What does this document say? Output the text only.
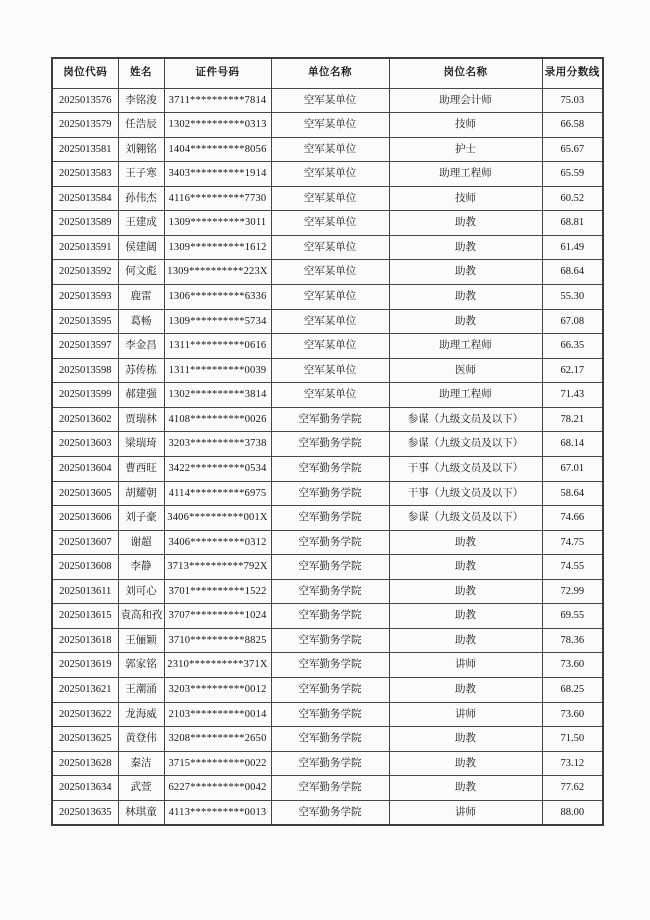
岗位代码	姓名	证件号码	单位名称	岗位名称	录用分数线
2025013576	李铭浚	3711**********7814	空军某单位	助理会计师	75.03
2025013579	任浩辰	1302**********0313	空军某单位	技师	66.58
2025013581	刘翱铭	1404**********8056	空军某单位	护士	65.67
2025013583	王子寒	3403**********1914	空军某单位	助理工程师	65.59
2025013584	孙伟杰	4116**********7730	空军某单位	技师	60.52
2025013589	王建成	1309**********3011	空军某单位	助教	68.81
2025013591	侯建阔	1309**********1612	空军某单位	助教	61.49
2025013592	何文彪	1309**********223X	空军某单位	助教	68.64
2025013593	鹿雷	1306**********6336	空军某单位	助教	55.30
2025013595	葛畅	1309**********5734	空军某单位	助教	67.08
2025013597	李金昌	1311**********0616	空军某单位	助理工程师	66.35
2025013598	苏传栋	1311**********0039	空军某单位	医师	62.17
2025013599	郝建强	1302**********3814	空军某单位	助理工程师	71.43
2025013602	贾瑞林	4108**********0026	空军勤务学院	参谋（九级文员及以下）	78.21
2025013603	梁瑞琦	3203**********3738	空军勤务学院	参谋（九级文员及以下）	68.14
2025013604	曹西旺	3422**********0534	空军勤务学院	干事（九级文员及以下）	67.01
2025013605	胡耀朝	4114**********6975	空军勤务学院	干事（九级文员及以下）	58.64
2025013606	刘子豪	3406**********001X	空军勤务学院	参谋（九级文员及以下）	74.66
2025013607	谢超	3406**********0312	空军勤务学院	助教	74.75
2025013608	李静	3713**********792X	空军勤务学院	助教	74.55
2025013611	刘可心	3701**********1522	空军勤务学院	助教	72.99
2025013615	袁高和孜	3707**********1024	空军勤务学院	助教	69.55
2025013618	王俪颖	3710**********8825	空军勤务学院	助教	78.36
2025013619	郭家铭	2310**********371X	空军勤务学院	讲师	73.60
2025013621	王潮涌	3203**********0012	空军勤务学院	助教	68.25
2025013622	龙海威	2103**********0014	空军勤务学院	讲师	73.60
2025013625	黄登伟	3208**********2650	空军勤务学院	助教	71.50
2025013628	秦洁	3715**********0022	空军勤务学院	助教	73.12
2025013634	武萱	6227**********0042	空军勤务学院	助教	77.62
2025013635	林琪童	4113**********0013	空军勤务学院	讲师	88.00
